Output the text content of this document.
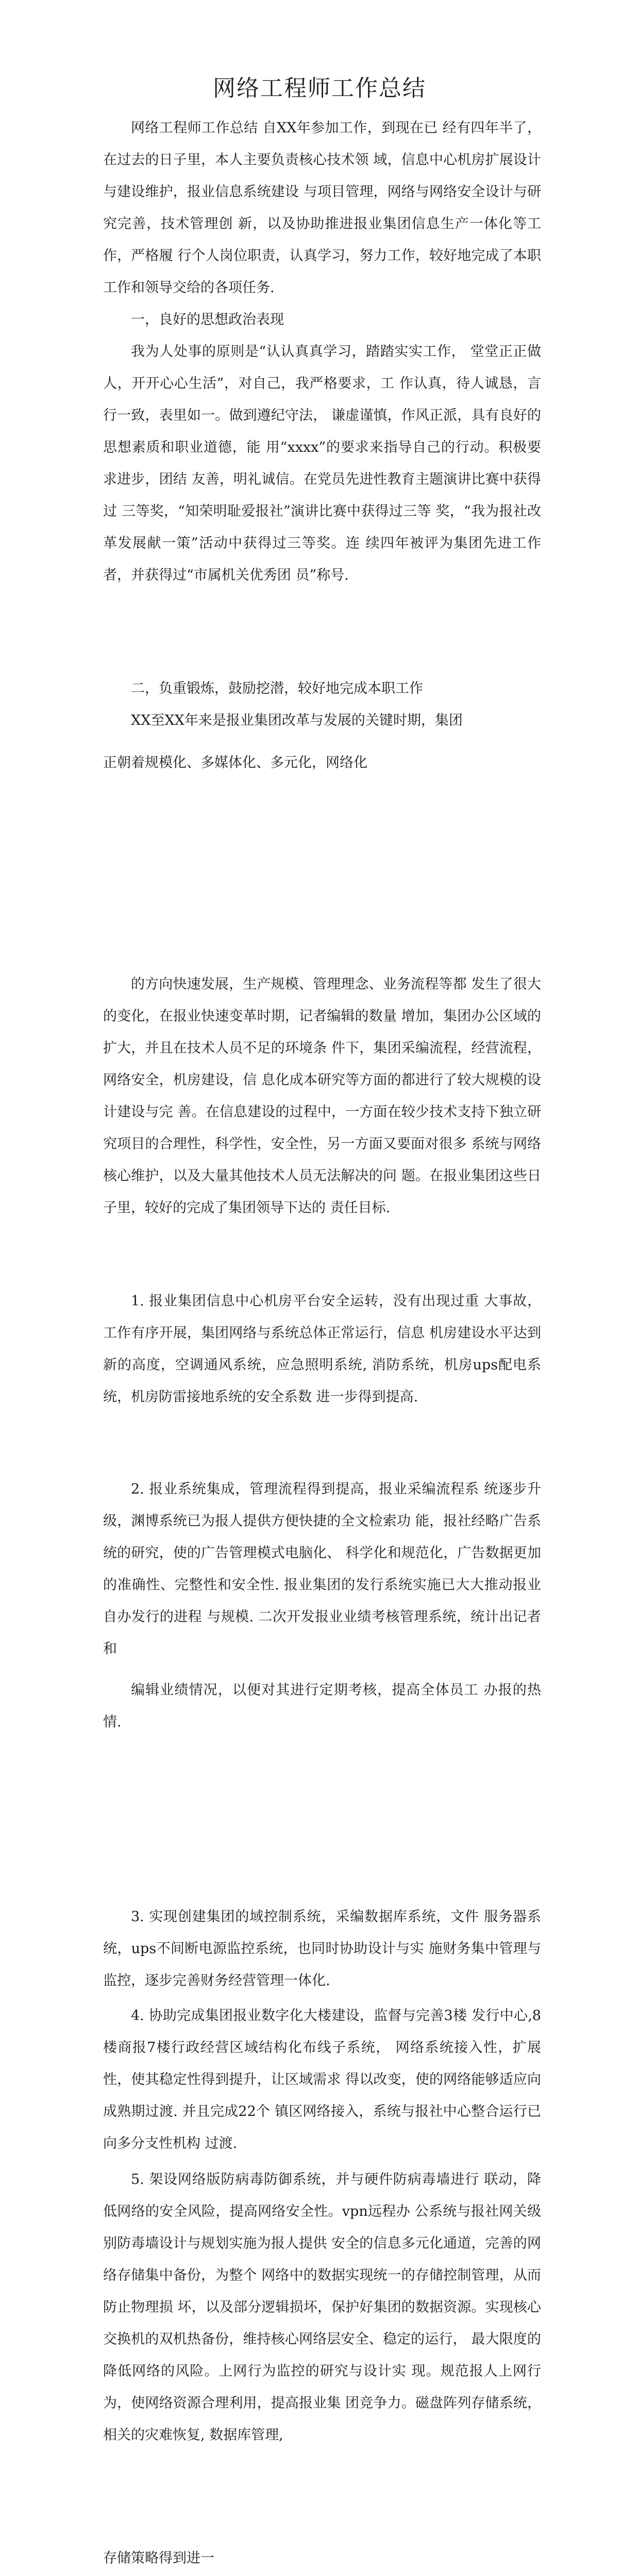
网络工程师工作总结

网络工程师工作总结 自XX年参加工作，到现在已 经有四年半了，在过去的日子里，本人主要负责核心技术领 域，信息中心机房扩展设计与建设维护，报业信息系统建设 与项目管理，网络与网络安全设计与研究完善，技术管理创 新，以及协助推进报业集团信息生产一体化等工作，严格履 行个人岗位职责，认真学习，努力工作，较好地完成了本职 工作和领导交给的各项任务.

一，良好的思想政治表现

我为人处事的原则是“认认真真学习，踏踏实实工作， 堂堂正正做人，开开心心生活”，对自己，我严格要求，工 作认真，待人诚恳，言行一致，表里如一。做到遵纪守法， 谦虚谨慎，作风正派，具有良好的思想素质和职业道德，能 用“xxxx”的要求来指导自己的行动。积极要求进步，团结 友善，明礼诚信。在党员先进性教育主题演讲比赛中获得过 三等奖，“知荣明耻爱报社”演讲比赛中获得过三等 奖，“我为报社改革发展献一策”活动中获得过三等奖。连 续四年被评为集团先进工作者，并获得过“市属机关优秀团 员”称号.

二，负重锻炼，鼓励挖潜，较好地完成本职工作

XX至XX年来是报业集团改革与发展的关键时期，集团

正朝着规模化、多媒体化、多元化，网络化

的方向快速发展，生产规模、管理理念、业务流程等都 发生了很大的变化，在报业快速变革时期，记者编辑的数量 增加，集团办公区域的扩大，并且在技术人员不足的环境条 件下，集团采编流程，经营流程，网络安全，机房建设，信 息化成本研究等方面的都进行了较大规模的设计建设与完 善。在信息建设的过程中，一方面在较少技术支持下独立研 究项目的合理性，科学性，安全性，另一方面又要面对很多 系统与网络核心维护，以及大量其他技术人员无法解决的问 题。在报业集团这些日子里，较好的完成了集团领导下达的 责任目标.

1. 报业集团信息中心机房平台安全运转，没有出现过重 大事故，工作有序开展，集团网络与系统总体正常运行，信息 机房建设水平达到新的高度，空调通风系统，应急照明系统, 消防系统，机房ups配电系统，机房防雷接地系统的安全系数 进一步得到提高.

2. 报业系统集成，管理流程得到提高，报业采编流程系 统逐步升级，渊博系统已为报人提供方便快捷的全文检索功 能，报社经略广告系统的研究，使的广告管理模式电脑化、 科学化和规范化，广告数据更加的准确性、完整性和安全性. 报业集团的发行系统实施已大大推动报业自办发行的进程 与规模. 二次开发报业业绩考核管理系统，统计出记者和

编辑业绩情况，以便对其进行定期考核，提高全体员工 办报的热情.

3. 实现创建集团的域控制系统，采编数据库系统，文件 服务器系统，ups不间断电源监控系统，也同时协助设计与实 施财务集中管理与监控，逐步完善财务经营管理一体化.

4. 协助完成集团报业数字化大楼建设，监督与完善3楼 发行中心,8楼商报7楼行政经营区域结构化布线子系统， 网络系统接入性，扩展性，使其稳定性得到提升，让区域需求 得以改变，使的网络能够适应向成熟期过渡. 并且完成22个 镇区网络接入，系统与报社中心整合运行已向多分支性机构 过渡.

5. 架设网络版防病毒防御系统，并与硬件防病毒墙进行 联动，降低网络的安全风险，提高网络安全性。vpn远程办 公系统与报社网关级别防毒墙设计与规划实施为报人提供 安全的信息多元化通道，完善的网络存储集中备份，为整个 网络中的数据实现统一的存储控制管理，从而防止物理损 坏，以及部分逻辑损坏，保护好集团的数据资源。实现核心 交换机的双机热备份，维持核心网络层安全、稳定的运行， 最大限度的降低网络的风险。上网行为监控的研究与设计实 现。规范报人上网行为，使网络资源合理利用，提高报业集 团竞争力。磁盘阵列存储系统，相关的灾难恢复, 数据库管理,

存储策略得到进一
